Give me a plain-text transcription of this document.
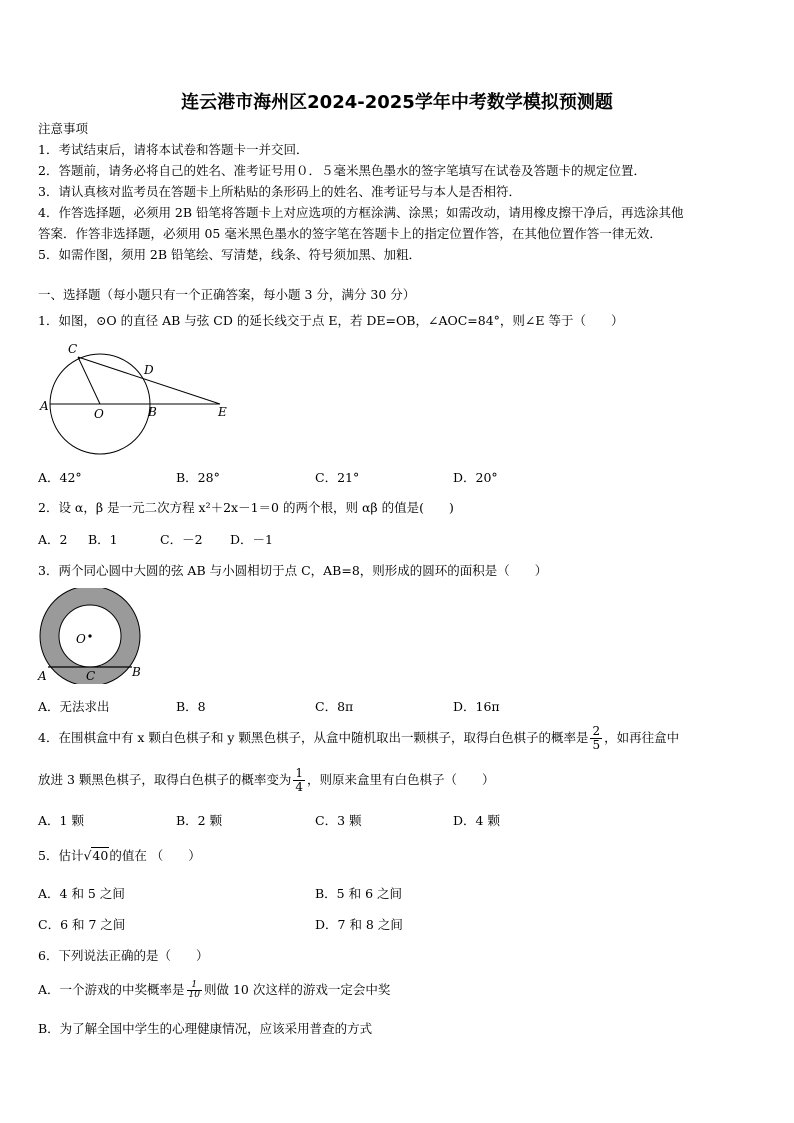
连云港市海州区2024-2025学年中考数学模拟预测题
注意事项
1．考试结束后，请将本试卷和答题卡一并交回．
2．答题前，请务必将自己的姓名、准考证号用０．５毫米黑色墨水的签字笔填写在试卷及答题卡的规定位置．
3．请认真核对监考员在答题卡上所粘贴的条形码上的姓名、准考证号与本人是否相符．
4．作答选择题，必须用 2B 铅笔将答题卡上对应选项的方框涂满、涂黑；如需改动，请用橡皮擦干净后，再选涂其他
答案．作答非选择题，必须用 05 毫米黑色墨水的签字笔在答题卡上的指定位置作答，在其他位置作答一律无效．
5．如需作图，须用 2B 铅笔绘、写清楚，线条、符号须加黑、加粗．
一、选择题（每小题只有一个正确答案，每小题 3 分，满分 30 分）
1．如图，⊙O 的直径 AB 与弦 CD 的延长线交于点 E，若 DE=OB，∠AOC=84°，则∠E 等于（　　）
A
O	B
C
D
E
A．42°	B．28°	C．21°	D．20°
2．设 α，β 是一元二次方程 x²＋2x－1＝0 的两个根，则 αβ 的值是(　　)
A．2 B．1	C．－2 D．－1
3．两个同心圆中大圆的弦 AB 与小圆相切于点 C，AB=8，则形成的圆环的面积是（　　）
O
A	C	B
A．无法求出	B．8	C．8π	D．16π
4．在围棋盒中有 x 颗白色棋子和 y 颗黑色棋子，从盒中随机取出一颗棋子，取得白色棋子的概率是 $\frac{2}{5}$ ，如再往盒中
放进 3 颗黑色棋子，取得白色棋子的概率变为 $\frac{1}{4}$ ，则原来盒里有白色棋子（　　）
A．1 颗	B．2 颗	C．3 颗	D．4 颗
5．估计√40的值在 （　　）
A．4 和 5 之间	B．5 和 6 之间
C．6 和 7 之间	D．7 和 8 之间
6．下列说法正确的是（　　）
A．一个游戏的中奖概率是 $\frac{1}{10}$ 则做 10 次这样的游戏一定会中奖
B．为了解全国中学生的心理健康情况，应该采用普查的方式
